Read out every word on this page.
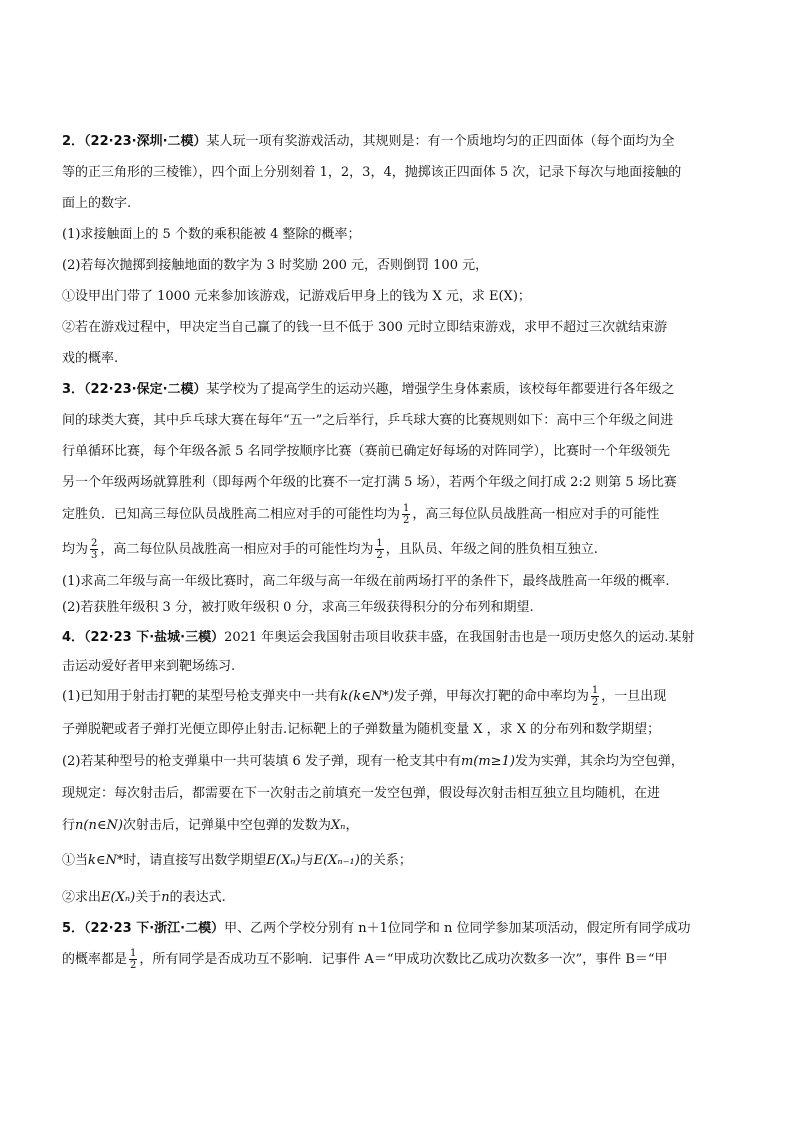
2．（22·23·深圳·二模）某人玩一项有奖游戏活动，其规则是：有一个质地均匀的正四面体（每个面均为全
等的正三角形的三棱锥），四个面上分别刻着 1，2，3，4，抛掷该正四面体 5 次，记录下每次与地面接触的
面上的数字.
(1)求接触面上的 5 个数的乘积能被 4 整除的概率；
(2)若每次抛掷到接触地面的数字为 3 时奖励 200 元，否则倒罚 100 元，
①设甲出门带了 1000 元来参加该游戏，记游戏后甲身上的钱为 X 元，求 E(X)；
②若在游戏过程中，甲决定当自己赢了的钱一旦不低于 300 元时立即结束游戏，求甲不超过三次就结束游
戏的概率.
3．（22·23·保定·二模）某学校为了提高学生的运动兴趣，增强学生身体素质，该校每年都要进行各年级之
间的球类大赛，其中乒乓球大赛在每年“五一”之后举行，乒乓球大赛的比赛规则如下：高中三个年级之间进
行单循环比赛，每个年级各派 5 名同学按顺序比赛（赛前已确定好每场的对阵同学），比赛时一个年级领先
另一个年级两场就算胜利（即每两个年级的比赛不一定打满 5 场），若两个年级之间打成 2:2 则第 5 场比赛
定胜负．已知高三每位队员战胜高二相应对手的可能性均为 $\frac{1}{2}$ ，高三每位队员战胜高一相应对手的可能性
均为 $\frac{2}{3}$ ，高二每位队员战胜高一相应对手的可能性均为 $\frac{1}{2}$ ，且队员、年级之间的胜负相互独立.
(1)求高二年级与高一年级比赛时，高二年级与高一年级在前两场打平的条件下，最终战胜高一年级的概率.
(2)若获胜年级积 3 分，被打败年级积 0 分，求高三年级获得积分的分布列和期望.
4．（22·23 下·盐城·三模）2021 年奥运会我国射击项目收获丰盛，在我国射击也是一项历史悠久的运动.某射
击运动爱好者甲来到靶场练习.
(1)已知用于射击打靶的某型号枪支弹夹中一共有k(k∈N*)发子弹，甲每次打靶的命中率均为 $\frac{1}{2}$ ，一旦出现
子弹脱靶或者子弹打光便立即停止射击.记标靶上的子弹数量为随机变量 X ，求 X 的分布列和数学期望；
(2)若某种型号的枪支弹巢中一共可装填 6 发子弹，现有一枪支其中有m(m≥1)发为实弹，其余均为空包弹，
现规定：每次射击后，都需要在下一次射击之前填充一发空包弹，假设每次射击相互独立且均随机，在进
行n(n∈N)次射击后，记弹巢中空包弹的发数为Xₙ，
①当k∈N*时，请直接写出数学期望E(Xₙ)与E(Xₙ₋₁)的关系；
②求出E(Xₙ)关于n的表达式.
5．（22·23 下·浙江·二模）甲、乙两个学校分别有 n＋1位同学和 n 位同学参加某项活动，假定所有同学成功
的概率都是 $\frac{1}{2}$ ，所有同学是否成功互不影响．记事件 A＝“甲成功次数比乙成功次数多一次”，事件 B＝“甲
